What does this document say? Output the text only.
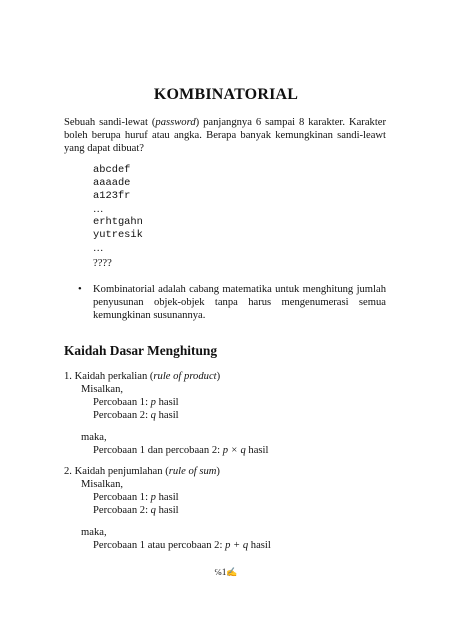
KOMBINATORIAL
Sebuah sandi-lewat (password) panjangnya 6 sampai 8 karakter. Karakter boleh berupa huruf atau angka. Berapa banyak kemungkinan sandi-leawt yang dapat dibuat?
abcdef
aaaade
a123fr
…
erhtgahn
yutresik
…
????
• Kombinatorial adalah cabang matematika untuk menghitung jumlah penyusunan objek-objek tanpa harus mengenumerasi semua kemungkinan susunannya.
Kaidah Dasar Menghitung
1. Kaidah perkalian (rule of product)
Misalkan,
Percobaan 1: p hasil
Percobaan 2: q hasil
maka,
Percobaan 1 dan percobaan 2: p × q hasil
2. Kaidah penjumlahan (rule of sum)
Misalkan,
Percobaan 1: p hasil
Percobaan 2: q hasil
maka,
Percobaan 1 atau percobaan 2: p + q hasil
℅1✍
